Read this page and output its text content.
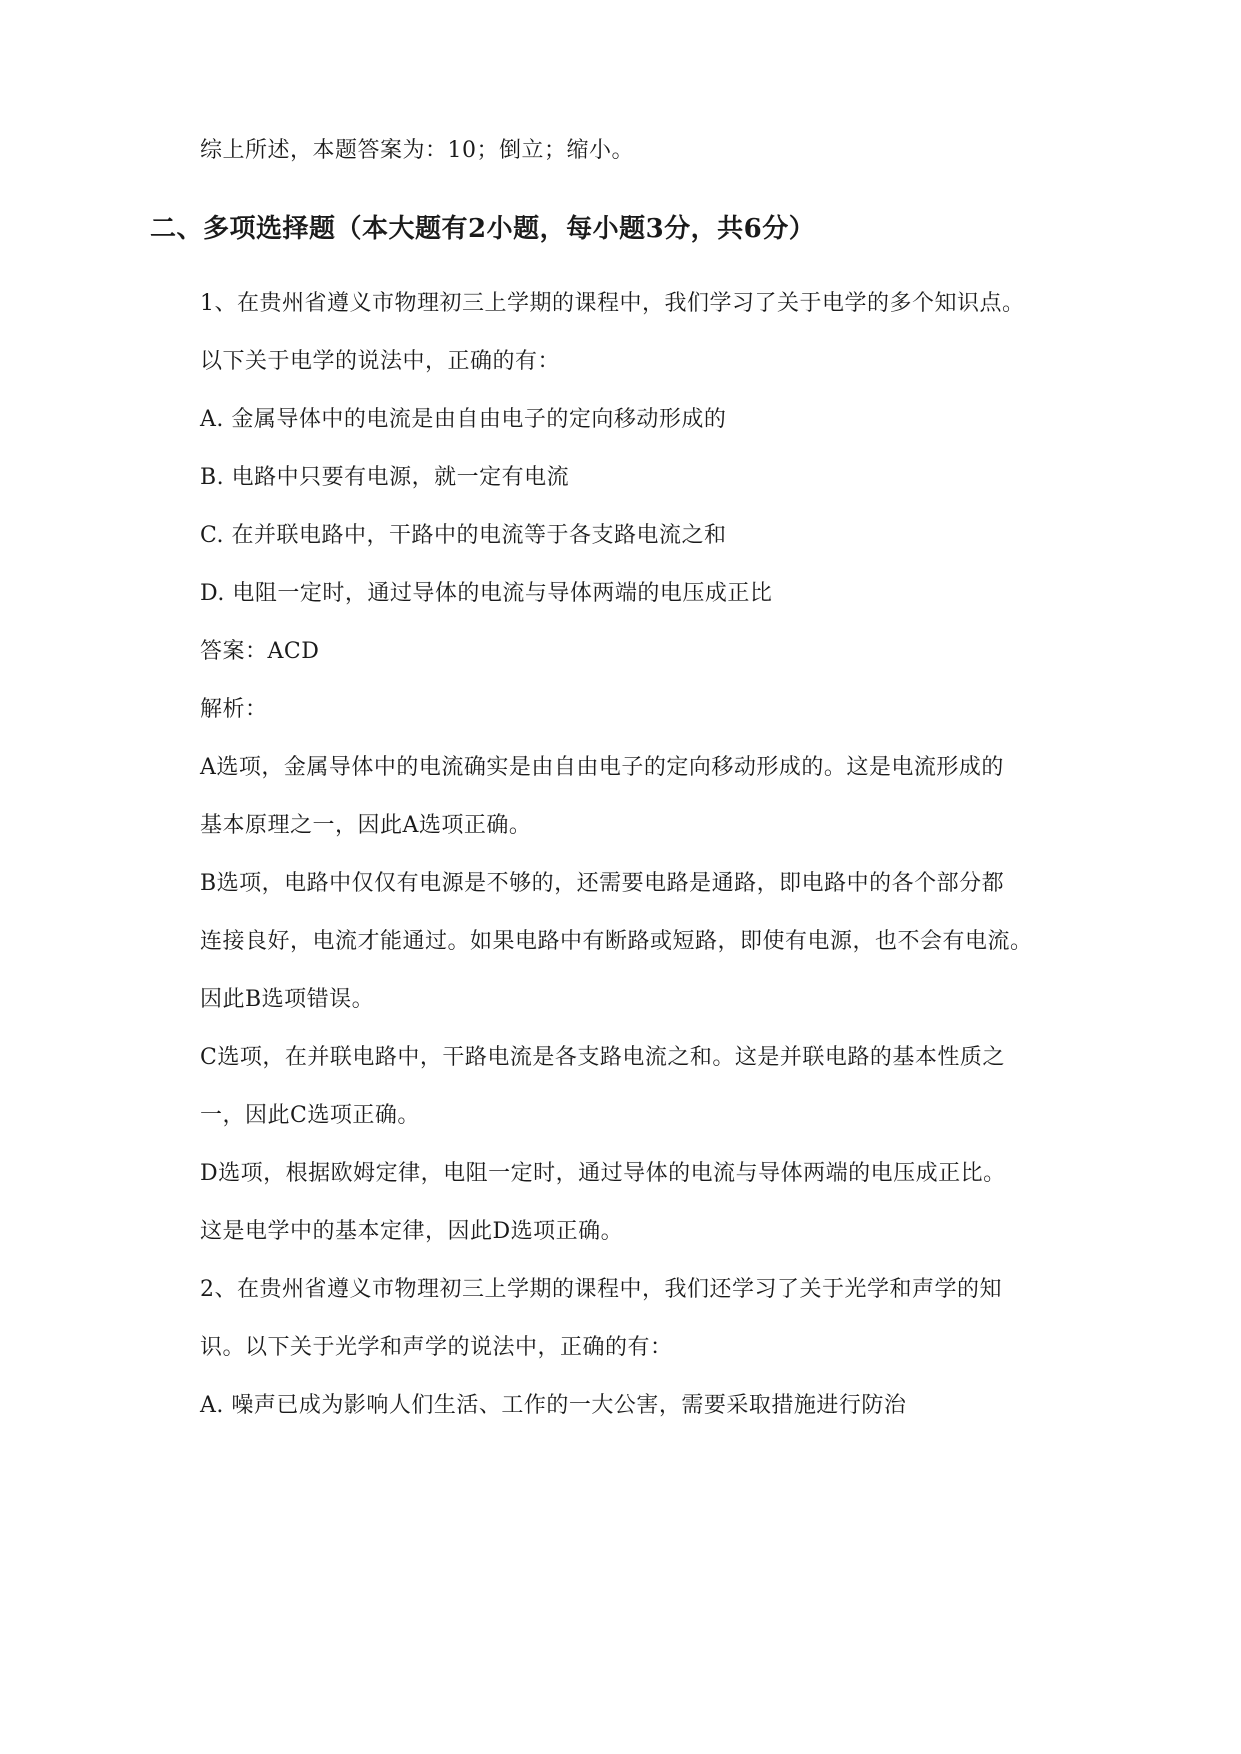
综上所述，本题答案为：10；倒立；缩小。
二、多项选择题（本大题有2小题，每小题3分，共6分）
1、在贵州省遵义市物理初三上学期的课程中，我们学习了关于电学的多个知识点。
以下关于电学的说法中，正确的有：
A. 金属导体中的电流是由自由电子的定向移动形成的
B. 电路中只要有电源，就一定有电流
C. 在并联电路中，干路中的电流等于各支路电流之和
D. 电阻一定时，通过导体的电流与导体两端的电压成正比
答案：ACD
解析：
A选项，金属导体中的电流确实是由自由电子的定向移动形成的。这是电流形成的
基本原理之一，因此A选项正确。
B选项，电路中仅仅有电源是不够的，还需要电路是通路，即电路中的各个部分都
连接良好，电流才能通过。如果电路中有断路或短路，即使有电源，也不会有电流。
因此B选项错误。
C选项，在并联电路中，干路电流是各支路电流之和。这是并联电路的基本性质之
一，因此C选项正确。
D选项，根据欧姆定律，电阻一定时，通过导体的电流与导体两端的电压成正比。
这是电学中的基本定律，因此D选项正确。
2、在贵州省遵义市物理初三上学期的课程中，我们还学习了关于光学和声学的知
识。以下关于光学和声学的说法中，正确的有：
A. 噪声已成为影响人们生活、工作的一大公害，需要采取措施进行防治
